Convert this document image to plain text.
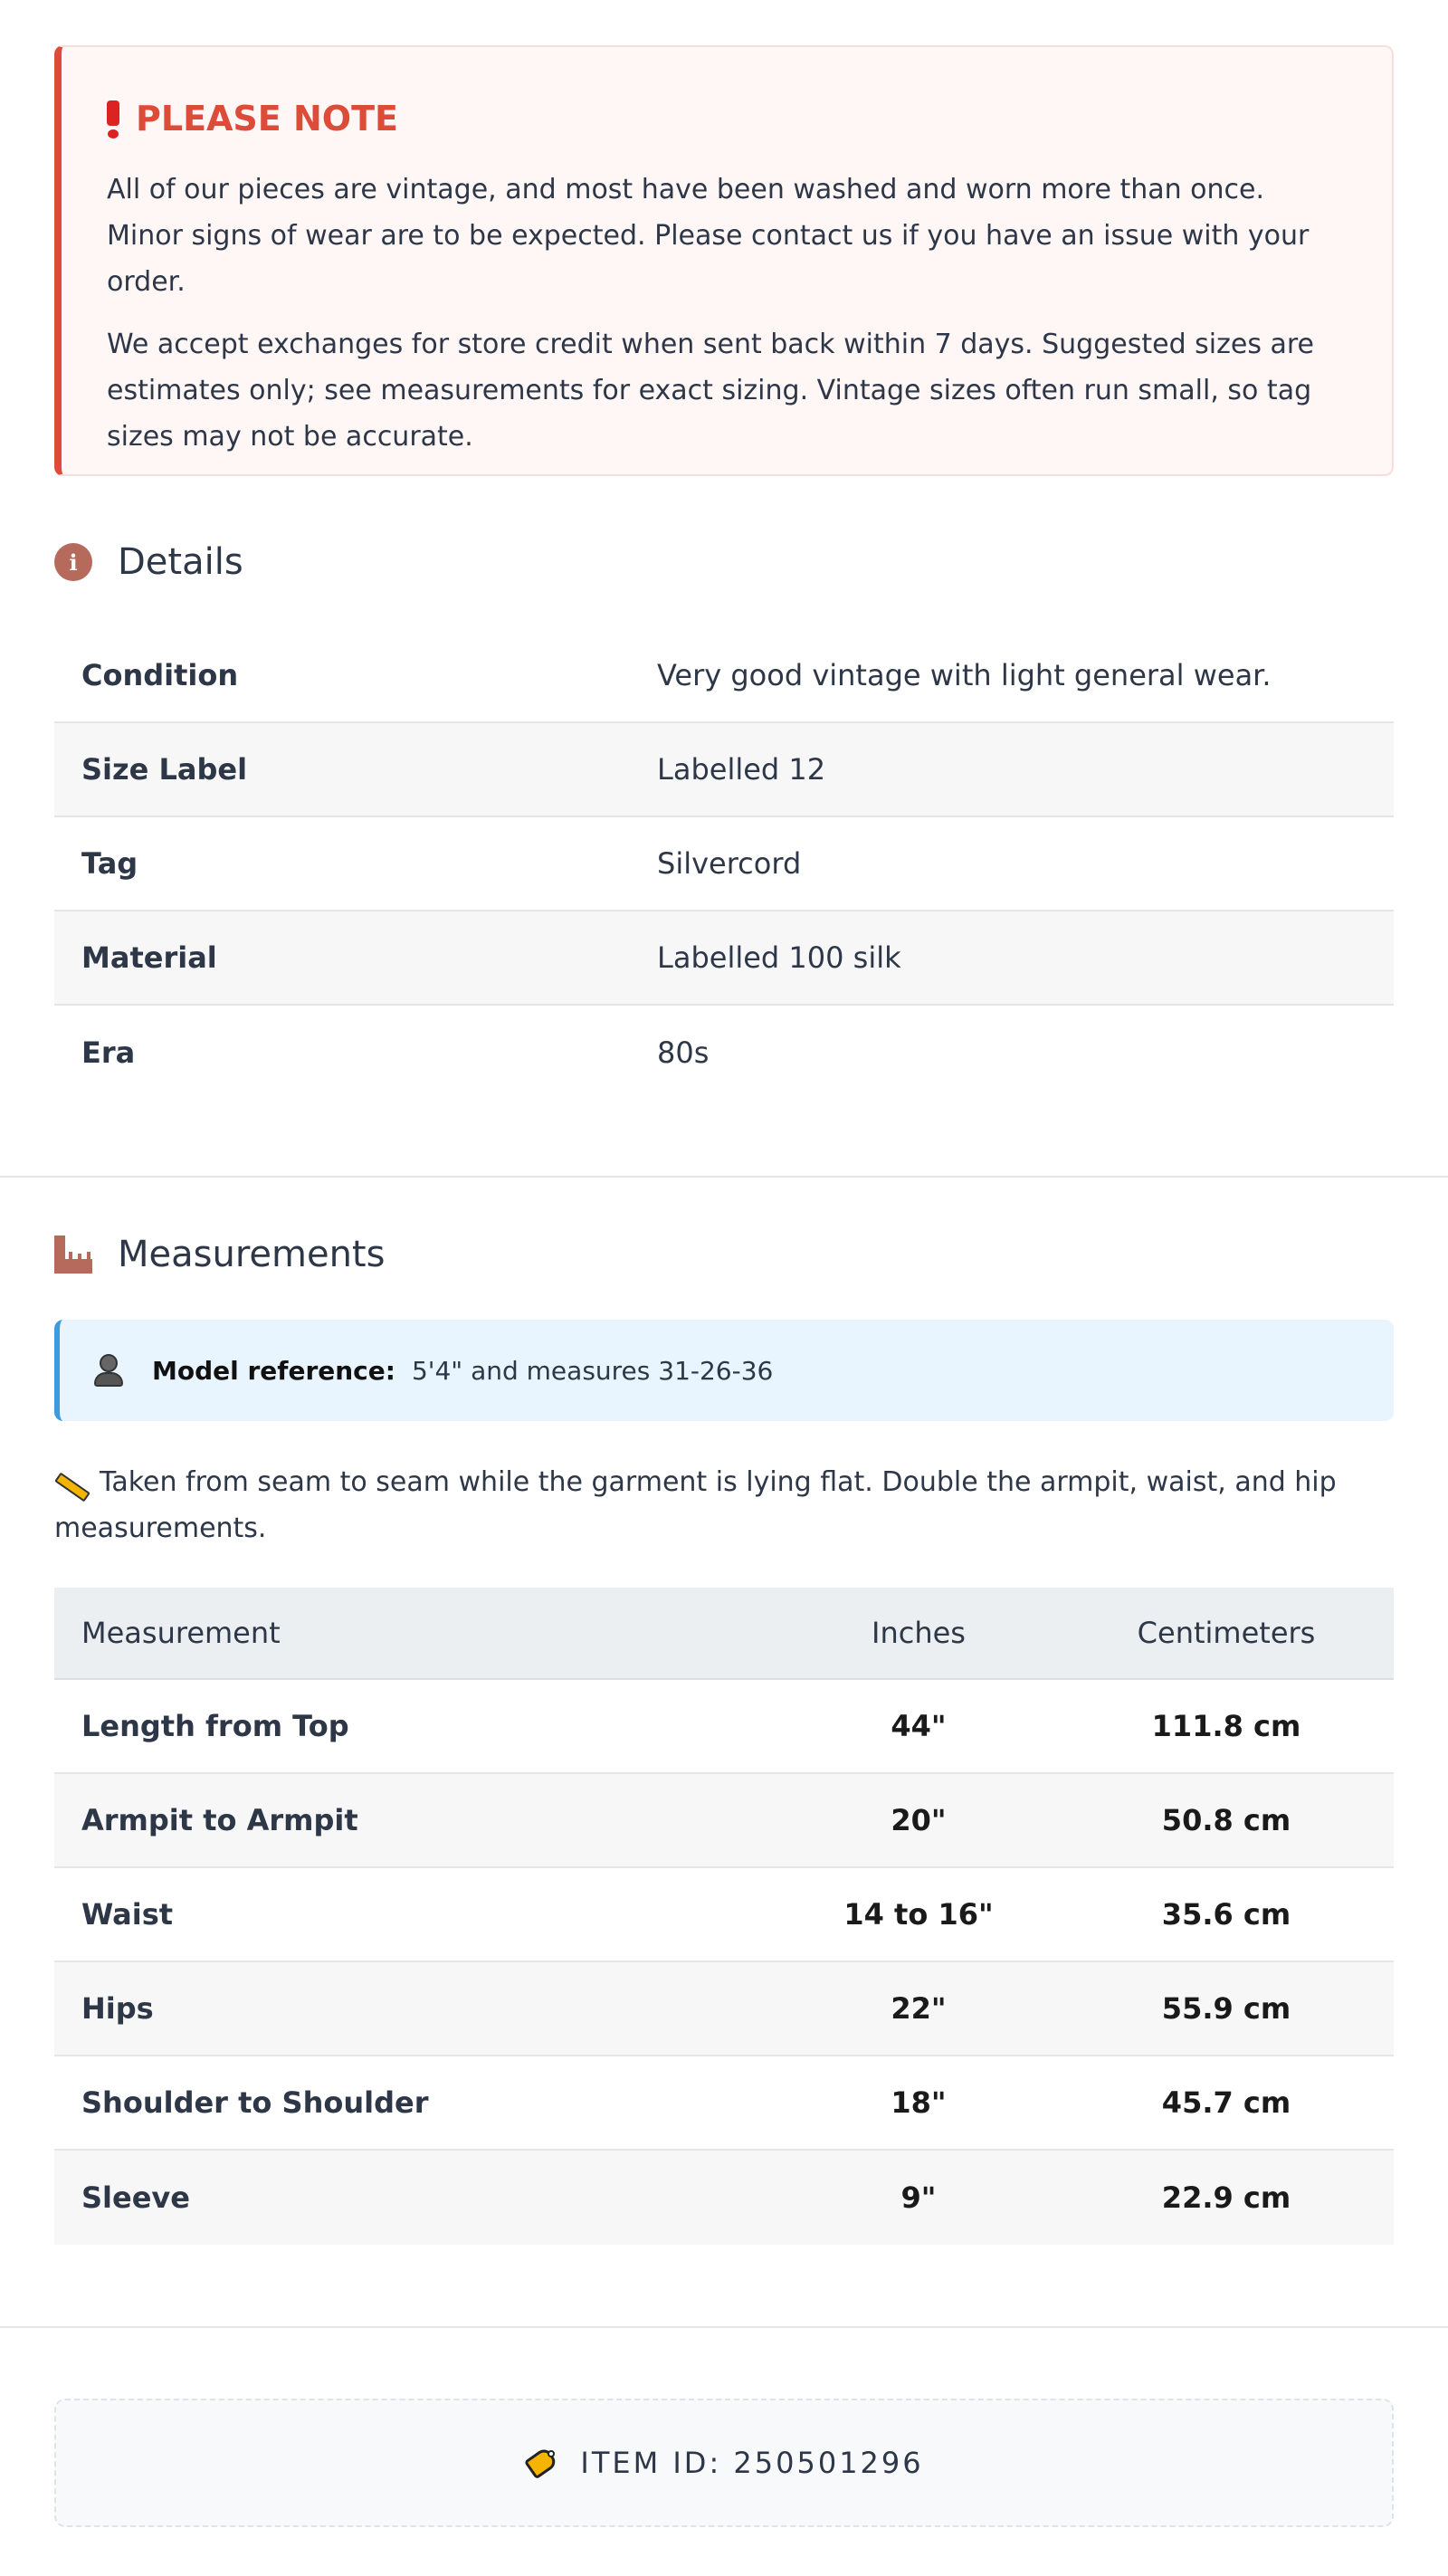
PLEASE NOTE

All of our pieces are vintage, and most have been washed and worn more than once. Minor signs of wear are to be expected. Please contact us if you have an issue with your order.

We accept exchanges for store credit when sent back within 7 days. Suggested sizes are estimates only; see measurements for exact sizing. Vintage sizes often run small, so tag sizes may not be accurate.

i	Details
Condition	Very good vintage with light general wear.
Size Label	Labelled 12
Tag	Silvercord
Material	Labelled 100 silk
Era	80s
Measurements
Model reference: 5'4" and measures 31-26-36
Taken from seam to seam while the garment is lying flat. Double the armpit, waist, and hip measurements.
Measurement	Inches	Centimeters
Length from Top	44"	111.8 cm
Armpit to Armpit	20"	50.8 cm
Waist	14 to 16"	35.6 cm
Hips	22"	55.9 cm
Shoulder to Shoulder	18"	45.7 cm
Sleeve	9"	22.9 cm
ITEM ID: 250501296
